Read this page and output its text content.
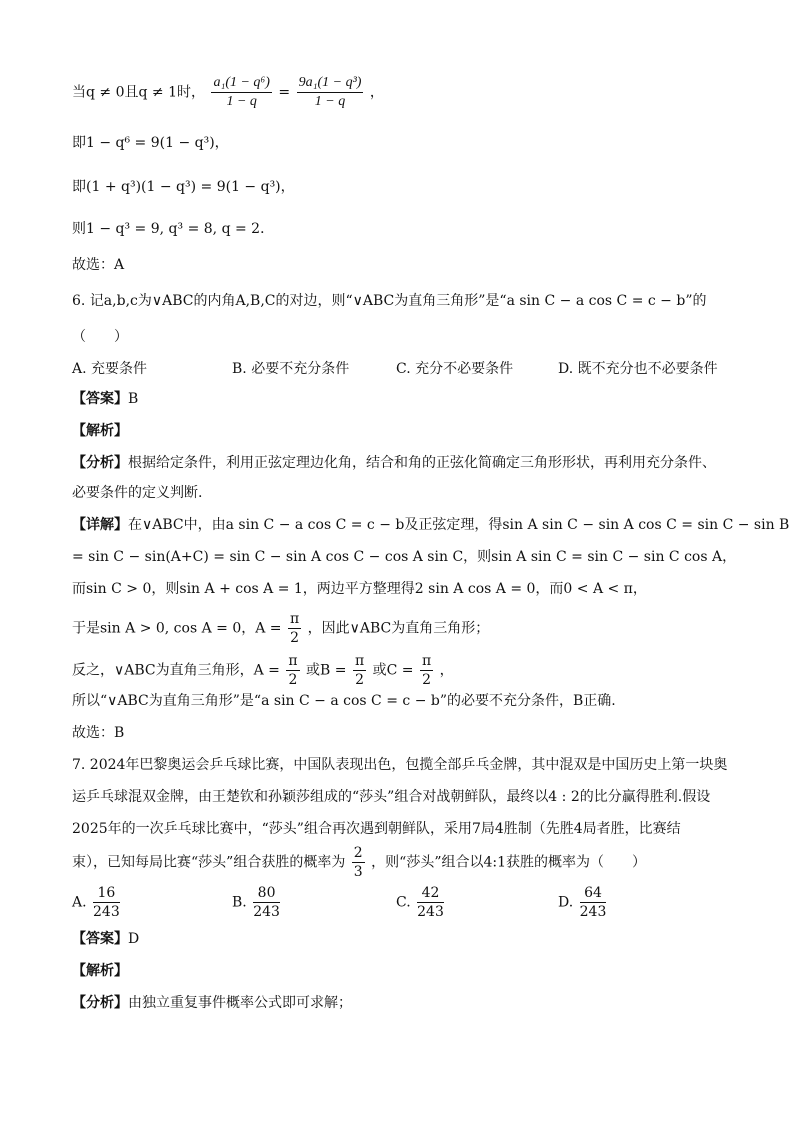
当q ≠ 0且q ≠ 1时， $\frac{\text{a₁(1 − q⁶)}}{1 - q} = \frac{\text{9a₁(1 − q³)}}{1 - q}$ ，
即1 − q⁶ = 9(1 − q³)，
即(1 + q³)(1 − q³) = 9(1 − q³)，
则1 − q³ = 9, q³ = 8, q = 2．
故选：A
6. 记a,b,c为∨ABC的内角A,B,C的对边，则“∨ABC为直角三角形”是“a sin C − a cos C = c − b”的
（　　）
A. 充要条件	B. 必要不充分条件	C. 充分不必要条件	D. 既不充分也不必要条件
【答案】B
【解析】
【分析】根据给定条件，利用正弦定理边化角，结合和角的正弦化简确定三角形形状，再利用充分条件、
必要条件的定义判断.
【详解】在∨ABC中，由a sin C − a cos C = c − b及正弦定理，得sin A sin C − sin A cos C = sin C − sin B
= sin C − sin(A+C) = sin C − sin A cos C − cos A sin C，则sin A sin C = sin C − sin C cos A，
而sin C > 0，则sin A + cos A = 1，两边平方整理得2 sin A cos A = 0，而0 < A < π，
于是sin A > 0, cos A = 0，$A = \frac{\pi}{2}$ ，因此∨ABC为直角三角形；
反之，∨ABC为直角三角形，$A = \frac{\pi}{2}$ 或$B = \frac{\pi}{2}$ 或$C = \frac{\pi}{2}$ ，
所以“∨ABC为直角三角形”是“a sin C − a cos C = c − b”的必要不充分条件，B正确.
故选：B
7. 2024年巴黎奥运会乒乓球比赛，中国队表现出色，包揽全部乒乓金牌，其中混双是中国历史上第一块奥
运乒乓球混双金牌，由王楚钦和孙颖莎组成的“莎头”组合对战朝鲜队，最终以4 : 2的比分赢得胜利.假设
2025年的一次乒乓球比赛中，“莎头”组合再次遇到朝鲜队，采用7局4胜制（先胜4局者胜，比赛结
束），已知每局比赛“莎头”组合获胜的概率为 $\frac{2}{3}$ ，则“莎头”组合以4:1获胜的概率为（　　）
A. $\frac{16}{243}$	B. $\frac{80}{243}$	C. $\frac{42}{243}$	D. $\frac{64}{243}$
【答案】D
【解析】
【分析】由独立重复事件概率公式即可求解；
